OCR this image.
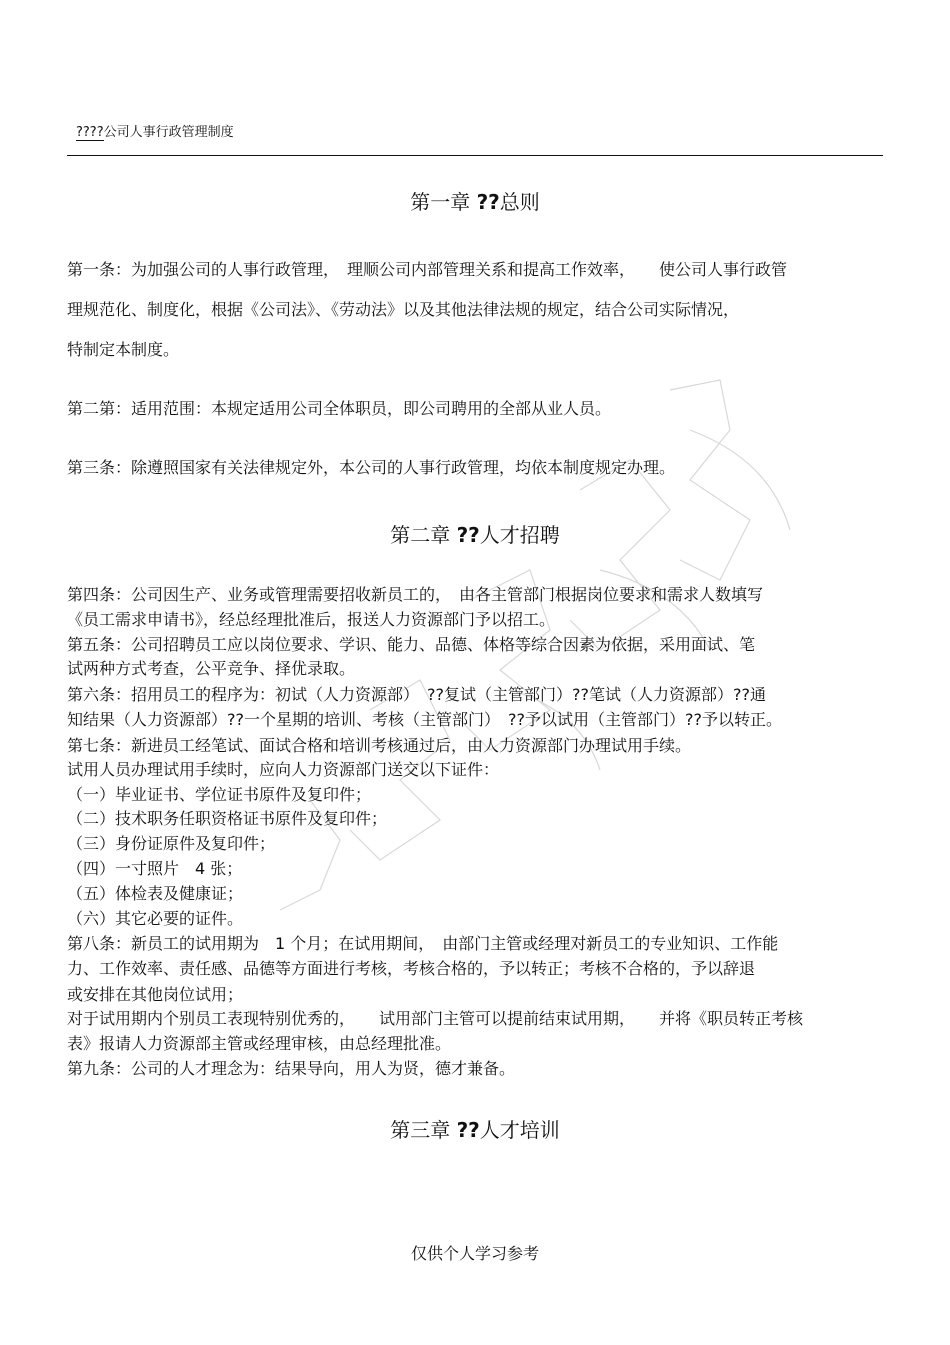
????公司人事行政管理制度
第一章 ??总则
第一条：为加强公司的人事行政管理，　理顺公司内部管理关系和提高工作效率，　　使公司人事行政管
理规范化、制度化，根据《公司法》、《劳动法》以及其他法律法规的规定，结合公司实际情况，
特制定本制度。
第二第：适用范围：本规定适用公司全体职员，即公司聘用的全部从业人员。
第三条：除遵照国家有关法律规定外，本公司的人事行政管理，均依本制度规定办理。
第二章 ??人才招聘
第四条：公司因生产、业务或管理需要招收新员工的，　由各主管部门根据岗位要求和需求人数填写
《员工需求申请书》，经总经理批准后，报送人力资源部门予以招工。
第五条：公司招聘员工应以岗位要求、学识、能力、品德、体格等综合因素为依据，采用面试、笔
试两种方式考查，公平竞争、择优录取。
第六条：招用员工的程序为：初试（人力资源部）　??复试（主管部门）??笔试（人力资源部）??通
知结果（人力资源部）??一个星期的培训、考核（主管部门）　??予以试用（主管部门）??予以转正。
第七条：新进员工经笔试、面试合格和培训考核通过后，由人力资源部门办理试用手续。
试用人员办理试用手续时，应向人力资源部门送交以下证件：
（一）毕业证书、学位证书原件及复印件；
（二）技术职务任职资格证书原件及复印件；
（三）身份证原件及复印件；
（四）一寸照片　4 张；
（五）体检表及健康证；
（六）其它必要的证件。
第八条：新员工的试用期为　1 个月；在试用期间，　由部门主管或经理对新员工的专业知识、工作能
力、工作效率、责任感、品德等方面进行考核，考核合格的，予以转正；考核不合格的，予以辞退
或安排在其他岗位试用；
对于试用期内个别员工表现特别优秀的，　　试用部门主管可以提前结束试用期，　　并将《职员转正考核
表》报请人力资源部主管或经理审核，由总经理批准。
第九条：公司的人才理念为：结果导向，用人为贤，德才兼备。
第三章 ??人才培训
仅供个人学习参考
